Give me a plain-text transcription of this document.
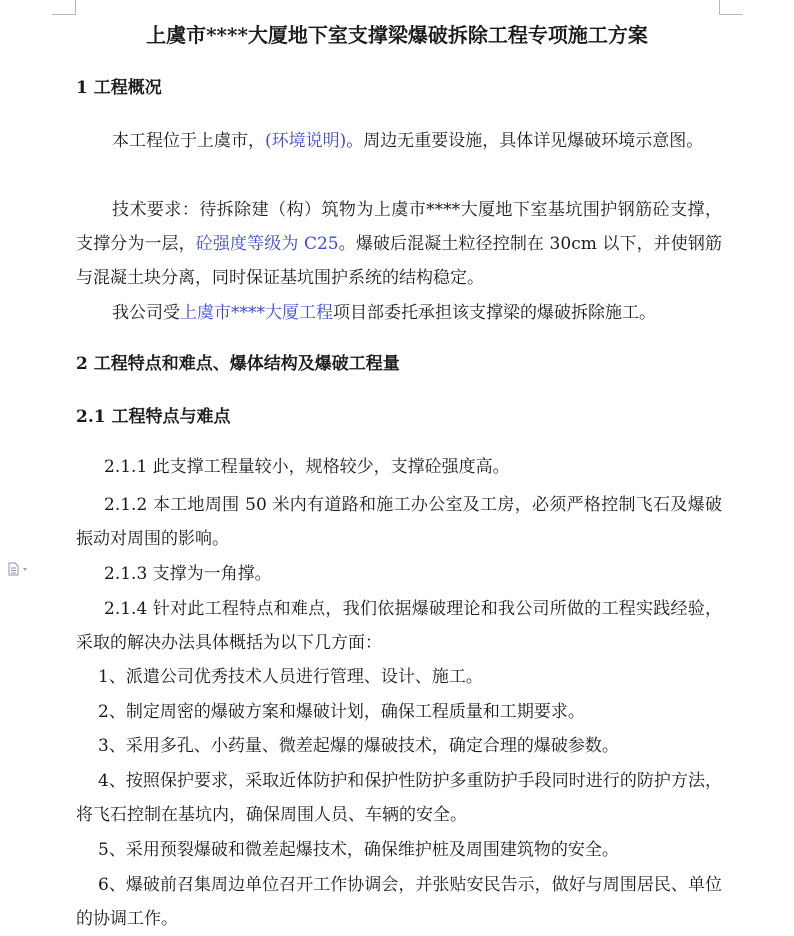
上虞市****大厦地下室支撑梁爆破拆除工程专项施工方案
1 工程概况
本工程位于上虞市，(环境说明)。周边无重要设施，具体详见爆破环境示意图。
技术要求：待拆除建（构）筑物为上虞市****大厦地下室基坑围护钢筋砼支撑，支撑分为一层，砼强度等级为 C25。爆破后混凝土粒径控制在 30cm 以下，并使钢筋与混凝土块分离，同时保证基坑围护系统的结构稳定。
我公司受上虞市****大厦工程项目部委托承担该支撑梁的爆破拆除施工。
2 工程特点和难点、爆体结构及爆破工程量
2.1 工程特点与难点
2.1.1 此支撑工程量较小，规格较少，支撑砼强度高。
2.1.2 本工地周围 50 米内有道路和施工办公室及工房，必须严格控制飞石及爆破振动对周围的影响。
2.1.3 支撑为一角撑。
2.1.4 针对此工程特点和难点，我们依据爆破理论和我公司所做的工程实践经验，采取的解决办法具体概括为以下几方面：
1、派遣公司优秀技术人员进行管理、设计、施工。
2、制定周密的爆破方案和爆破计划，确保工程质量和工期要求。
3、采用多孔、小药量、微差起爆的爆破技术，确定合理的爆破参数。
4、按照保护要求，采取近体防护和保护性防护多重防护手段同时进行的防护方法，将飞石控制在基坑内，确保周围人员、车辆的安全。
5、采用预裂爆破和微差起爆技术，确保维护桩及周围建筑物的安全。
6、爆破前召集周边单位召开工作协调会，并张贴安民告示，做好与周围居民、单位的协调工作。
